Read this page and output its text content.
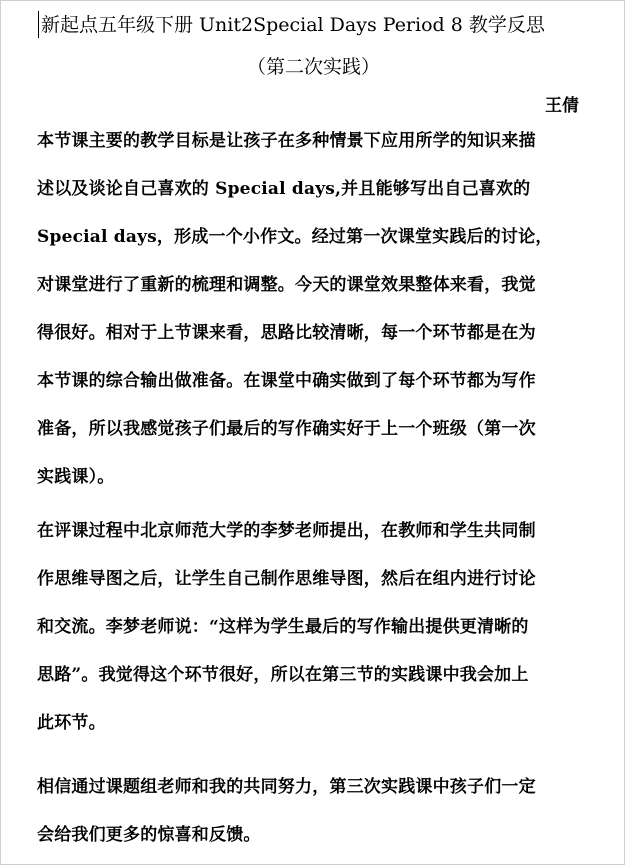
新起点五年级下册 Unit2Special Days Period 8 教学反思
（第二次实践）
王倩

本节课主要的教学目标是让孩子在多种情景下应用所学的知识来描
述以及谈论自己喜欢的 Special days,并且能够写出自己喜欢的
Special days，形成一个小作文。经过第一次课堂实践后的讨论，
对课堂进行了重新的梳理和调整。今天的课堂效果整体来看，我觉
得很好。相对于上节课来看，思路比较清晰，每一个环节都是在为
本节课的综合输出做准备。在课堂中确实做到了每个环节都为写作
准备，所以我感觉孩子们最后的写作确实好于上一个班级（第一次
实践课）。

在评课过程中北京师范大学的李梦老师提出，在教师和学生共同制
作思维导图之后，让学生自己制作思维导图，然后在组内进行讨论
和交流。李梦老师说：“这样为学生最后的写作输出提供更清晰的
思路”。我觉得这个环节很好，所以在第三节的实践课中我会加上
此环节。

相信通过课题组老师和我的共同努力，第三次实践课中孩子们一定
会给我们更多的惊喜和反馈。
